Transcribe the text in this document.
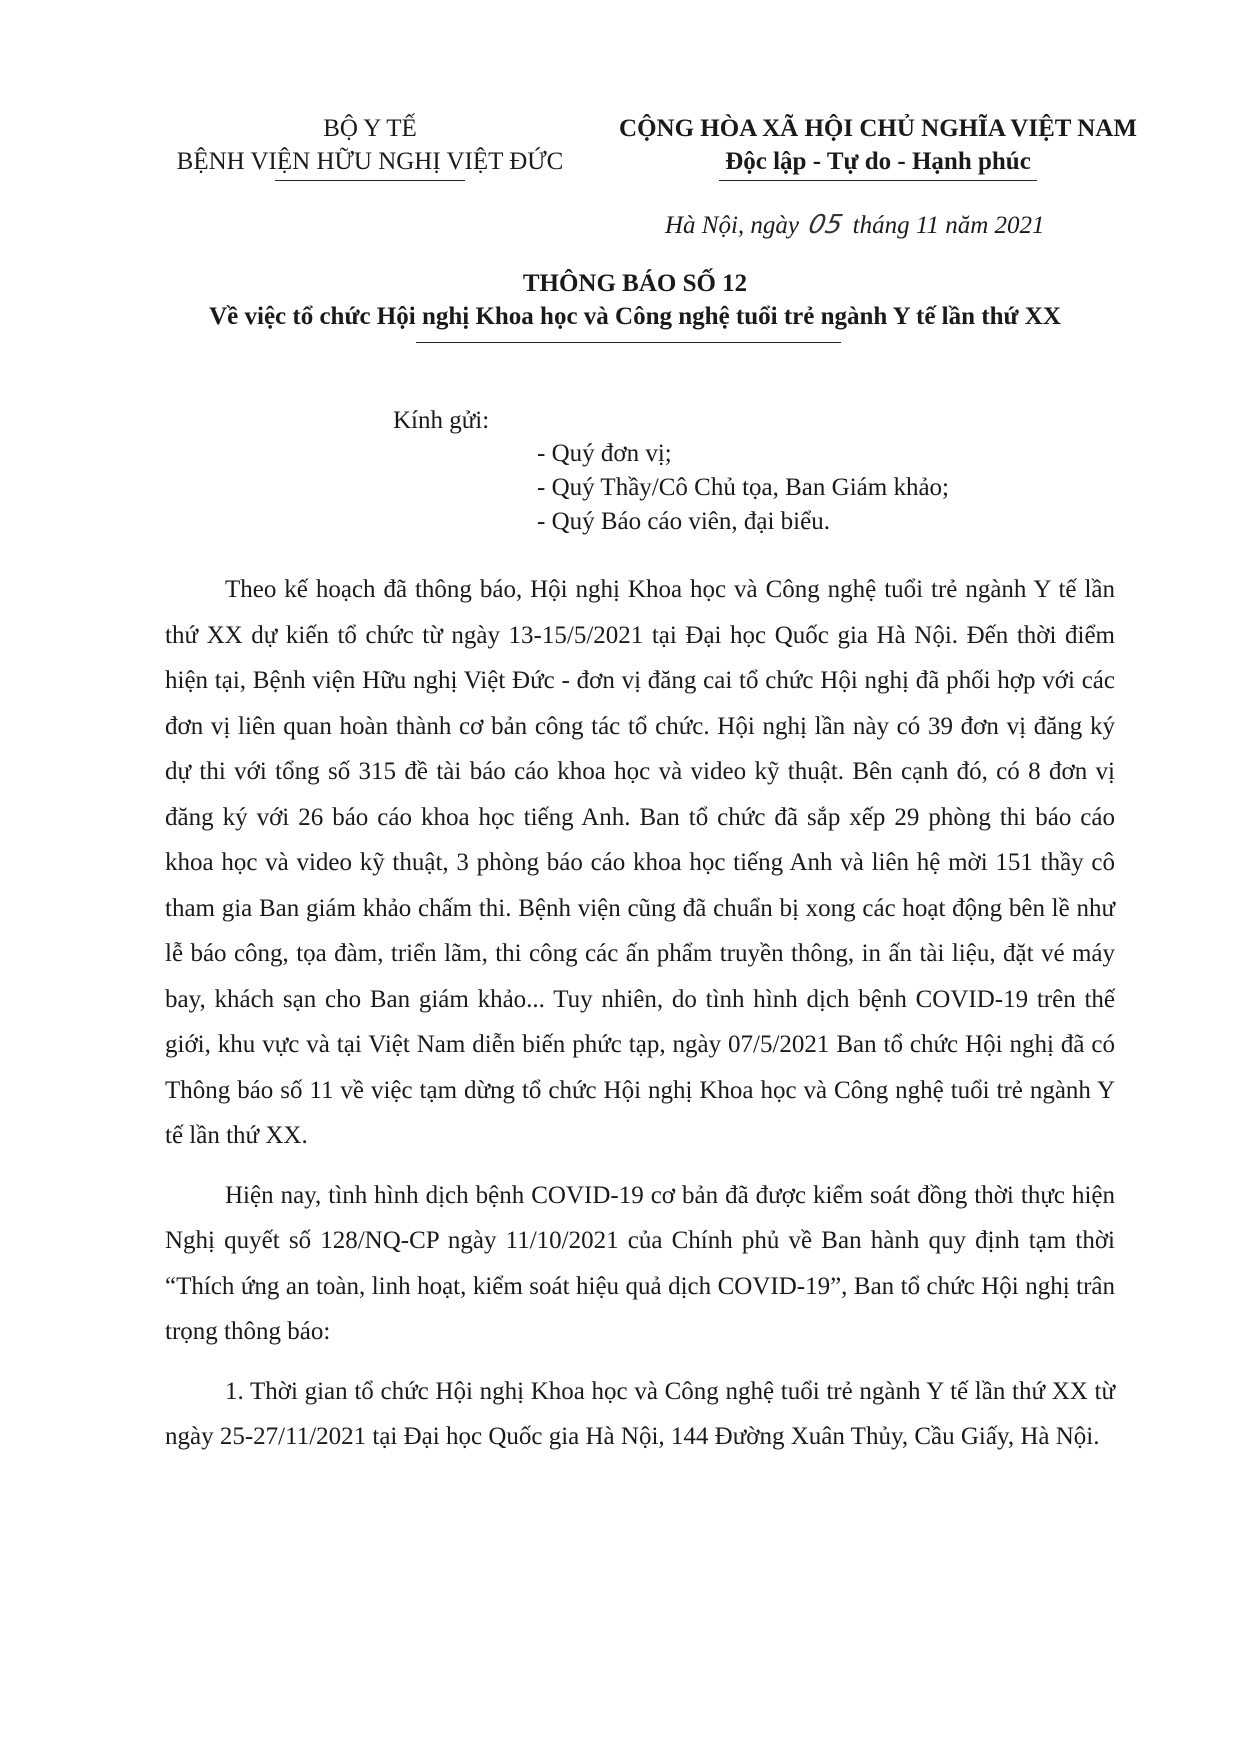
BỘ Y TẾ
BỆNH VIỆN HỮU NGHỊ VIỆT ĐỨC
CỘNG HÒA XÃ HỘI CHỦ NGHĨA VIỆT NAM
Độc lập - Tự do - Hạnh phúc
Hà Nội, ngày 05 tháng 11 năm 2021
THÔNG BÁO SỐ 12
Về việc tổ chức Hội nghị Khoa học và Công nghệ tuổi trẻ ngành Y tế lần thứ XX
Kính gửi:
- Quý đơn vị;
- Quý Thầy/Cô Chủ tọa, Ban Giám khảo;
- Quý Báo cáo viên, đại biểu.

Theo kế hoạch đã thông báo, Hội nghị Khoa học và Công nghệ tuổi trẻ ngành Y tế lần thứ XX dự kiến tổ chức từ ngày 13-15/5/2021 tại Đại học Quốc gia Hà Nội. Đến thời điểm hiện tại, Bệnh viện Hữu nghị Việt Đức - đơn vị đăng cai tổ chức Hội nghị đã phối hợp với các đơn vị liên quan hoàn thành cơ bản công tác tổ chức. Hội nghị lần này có 39 đơn vị đăng ký dự thi với tổng số 315 đề tài báo cáo khoa học và video kỹ thuật. Bên cạnh đó, có 8 đơn vị đăng ký với 26 báo cáo khoa học tiếng Anh. Ban tổ chức đã sắp xếp 29 phòng thi báo cáo khoa học và video kỹ thuật, 3 phòng báo cáo khoa học tiếng Anh và liên hệ mời 151 thầy cô tham gia Ban giám khảo chấm thi. Bệnh viện cũng đã chuẩn bị xong các hoạt động bên lề như lễ báo công, tọa đàm, triển lãm, thi công các ấn phẩm truyền thông, in ấn tài liệu, đặt vé máy bay, khách sạn cho Ban giám khảo... Tuy nhiên, do tình hình dịch bệnh COVID-19 trên thế giới, khu vực và tại Việt Nam diễn biến phức tạp, ngày 07/5/2021 Ban tổ chức Hội nghị đã có Thông báo số 11 về việc tạm dừng tổ chức Hội nghị Khoa học và Công nghệ tuổi trẻ ngành Y tế lần thứ XX.

Hiện nay, tình hình dịch bệnh COVID-19 cơ bản đã được kiểm soát đồng thời thực hiện Nghị quyết số 128/NQ-CP ngày 11/10/2021 của Chính phủ về Ban hành quy định tạm thời “Thích ứng an toàn, linh hoạt, kiểm soát hiệu quả dịch COVID-19”, Ban tổ chức Hội nghị trân trọng thông báo:

1. Thời gian tổ chức Hội nghị Khoa học và Công nghệ tuổi trẻ ngành Y tế lần thứ XX từ ngày 25-27/11/2021 tại Đại học Quốc gia Hà Nội, 144 Đường Xuân Thủy, Cầu Giấy, Hà Nội.
